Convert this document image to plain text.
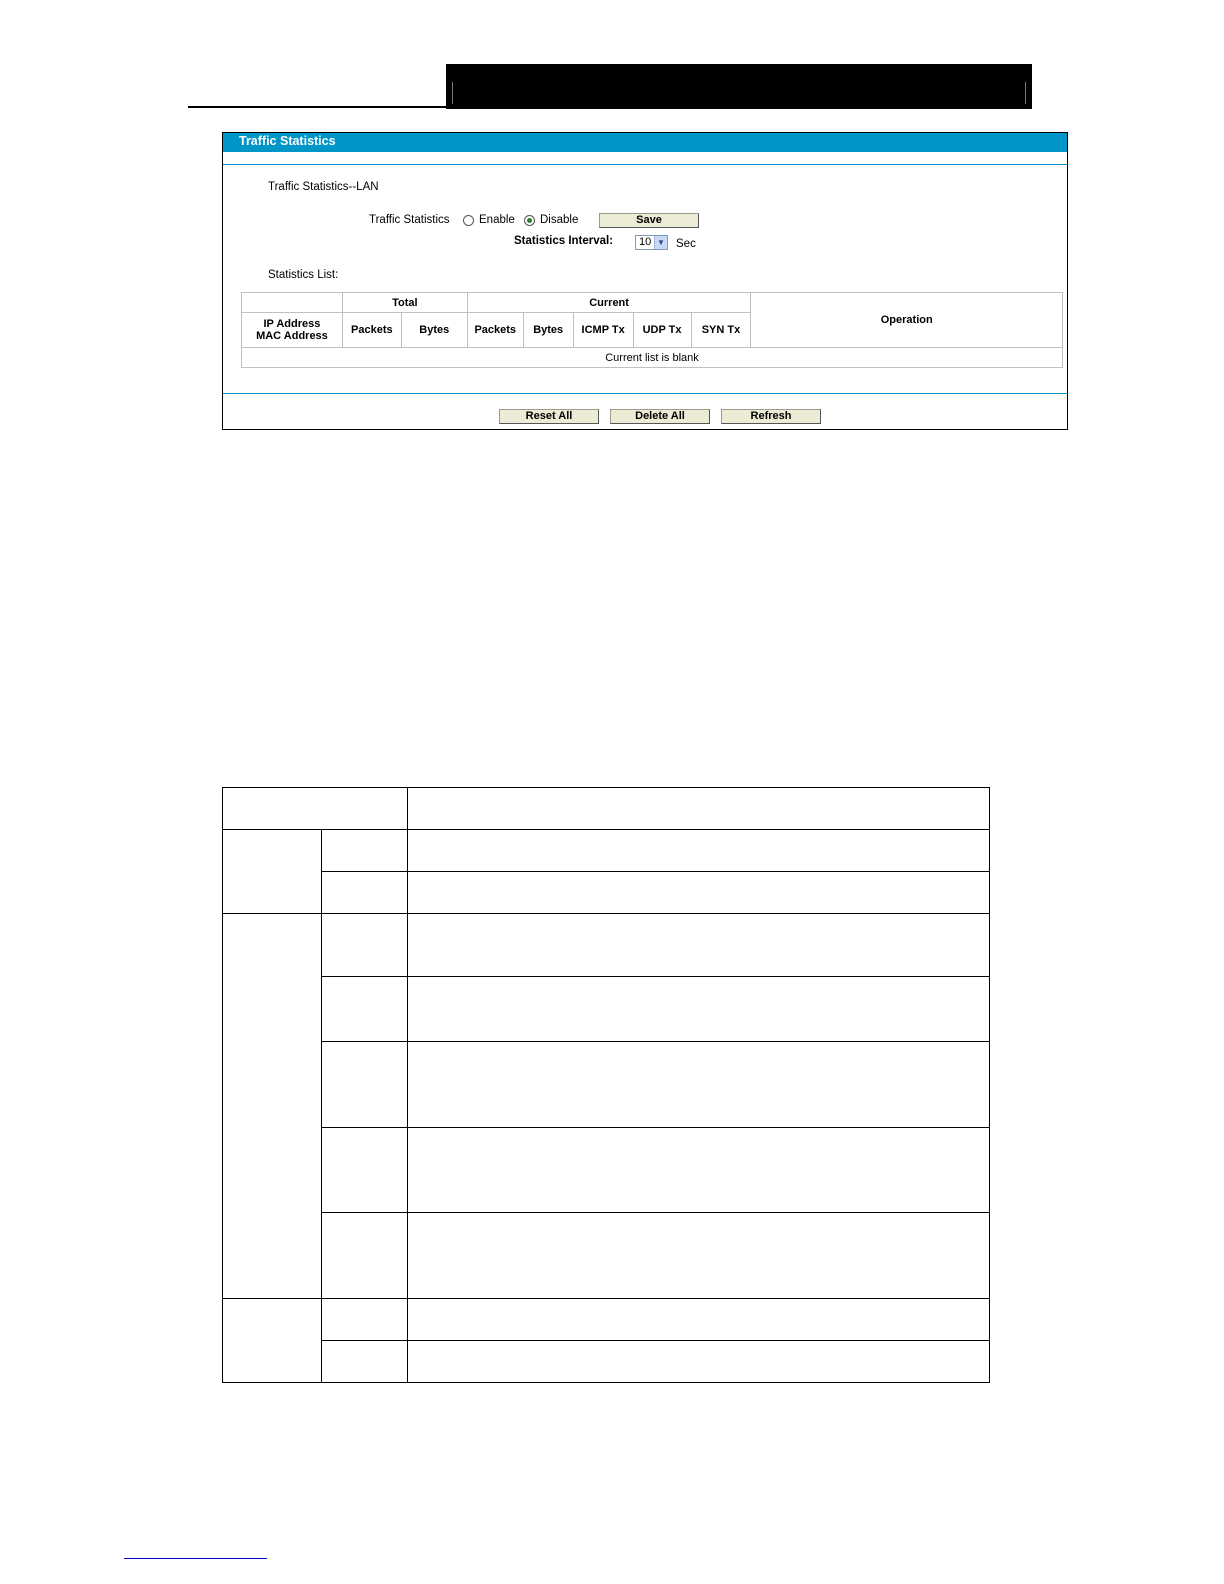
Traffic Statistics
Traffic Statistics--LAN
Traffic Statistics	Enable Disable	Save
Statistics Interval:	10 ▼ Sec
Statistics List:
	Total		Current					Operation

IP Address
MAC Address	Packets	Bytes	Packets	Bytes	ICMP Tx	UDP Tx	SYN Tx	
Current list is blank								
Reset All	Delete All	Refresh
